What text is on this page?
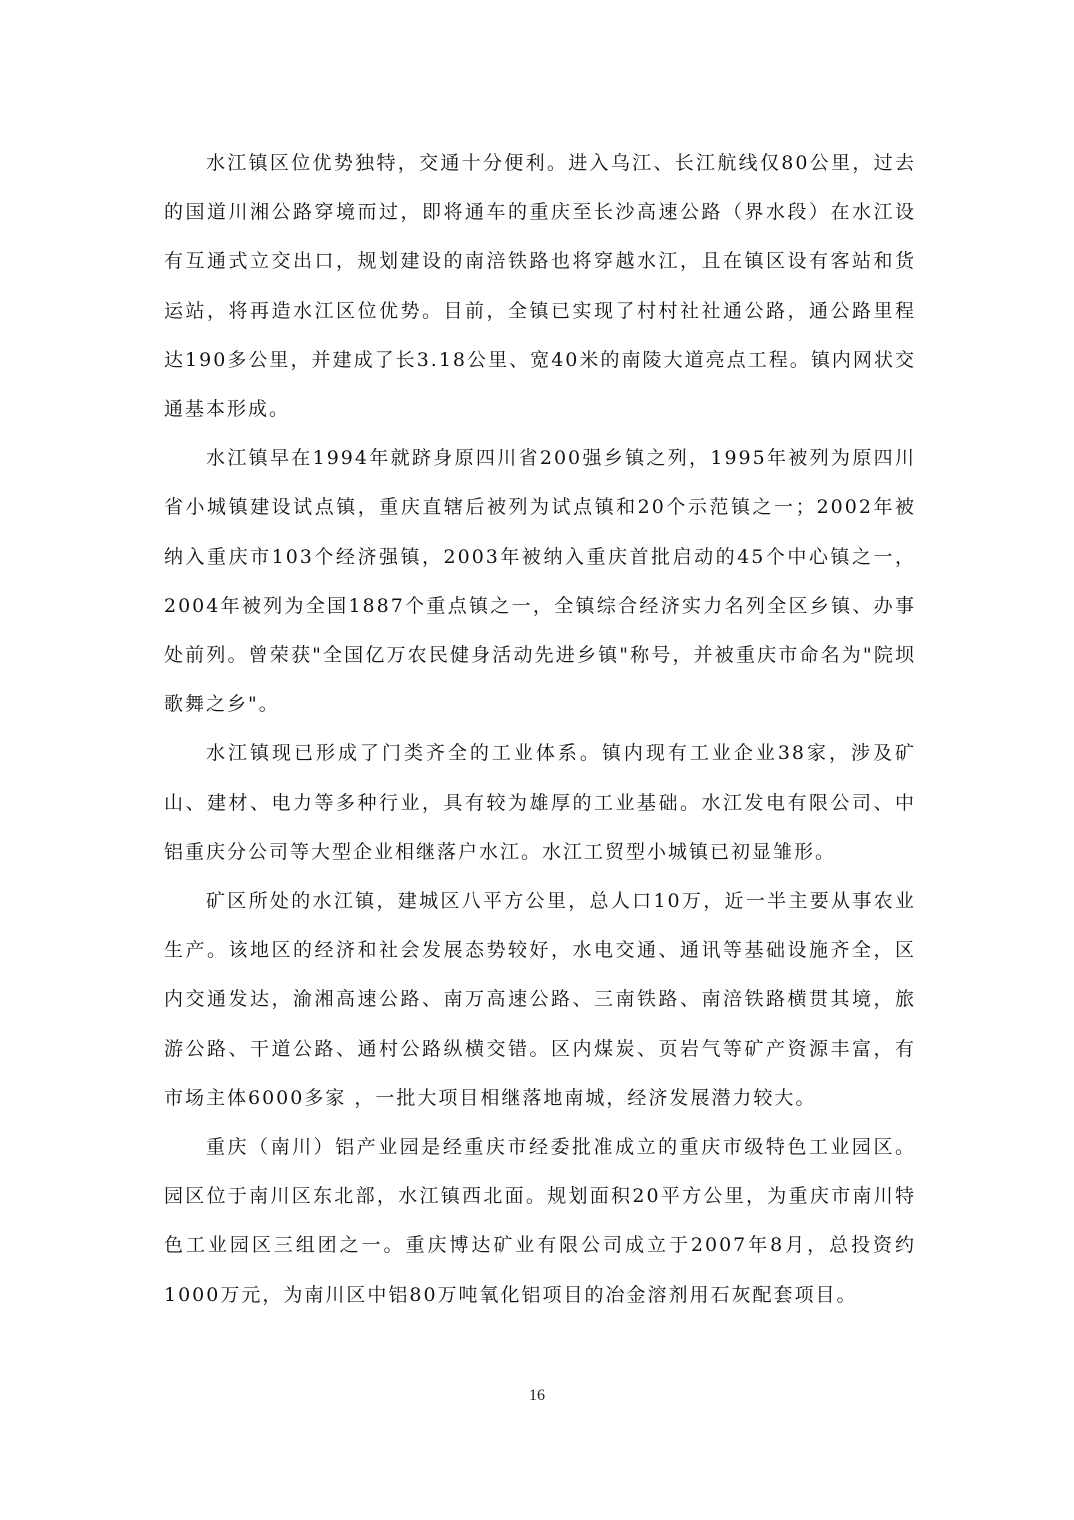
水江镇区位优势独特，交通十分便利。进入乌江、长江航线仅80公里，过去的国道川湘公路穿境而过，即将通车的重庆至长沙高速公路（界水段）在水江设有互通式立交出口，规划建设的南涪铁路也将穿越水江，且在镇区设有客站和货运站，将再造水江区位优势。目前，全镇已实现了村村社社通公路，通公路里程达190多公里，并建成了长3.18公里、宽40米的南陵大道亮点工程。镇内网状交通基本形成。

水江镇早在1994年就跻身原四川省200强乡镇之列，1995年被列为原四川省小城镇建设试点镇，重庆直辖后被列为试点镇和20个示范镇之一；2002年被纳入重庆市103个经济强镇，2003年被纳入重庆首批启动的45个中心镇之一，2004年被列为全国1887个重点镇之一，全镇综合经济实力名列全区乡镇、办事处前列。曾荣获"全国亿万农民健身活动先进乡镇"称号，并被重庆市命名为"院坝歌舞之乡"。

水江镇现已形成了门类齐全的工业体系。镇内现有工业企业38家，涉及矿山、建材、电力等多种行业，具有较为雄厚的工业基础。水江发电有限公司、中铝重庆分公司等大型企业相继落户水江。水江工贸型小城镇已初显雏形。

矿区所处的水江镇，建城区八平方公里，总人口10万，近一半主要从事农业生产。该地区的经济和社会发展态势较好，水电交通、通讯等基础设施齐全，区内交通发达，渝湘高速公路、南万高速公路、三南铁路、南涪铁路横贯其境，旅游公路、干道公路、通村公路纵横交错。区内煤炭、页岩气等矿产资源丰富，有市场主体6000多家 ，一批大项目相继落地南城，经济发展潜力较大。

重庆（南川）铝产业园是经重庆市经委批准成立的重庆市级特色工业园区。园区位于南川区东北部，水江镇西北面。规划面积20平方公里，为重庆市南川特色工业园区三组团之一。重庆博达矿业有限公司成立于2007年8月，总投资约1000万元，为南川区中铝80万吨氧化铝项目的冶金溶剂用石灰配套项目。

16
